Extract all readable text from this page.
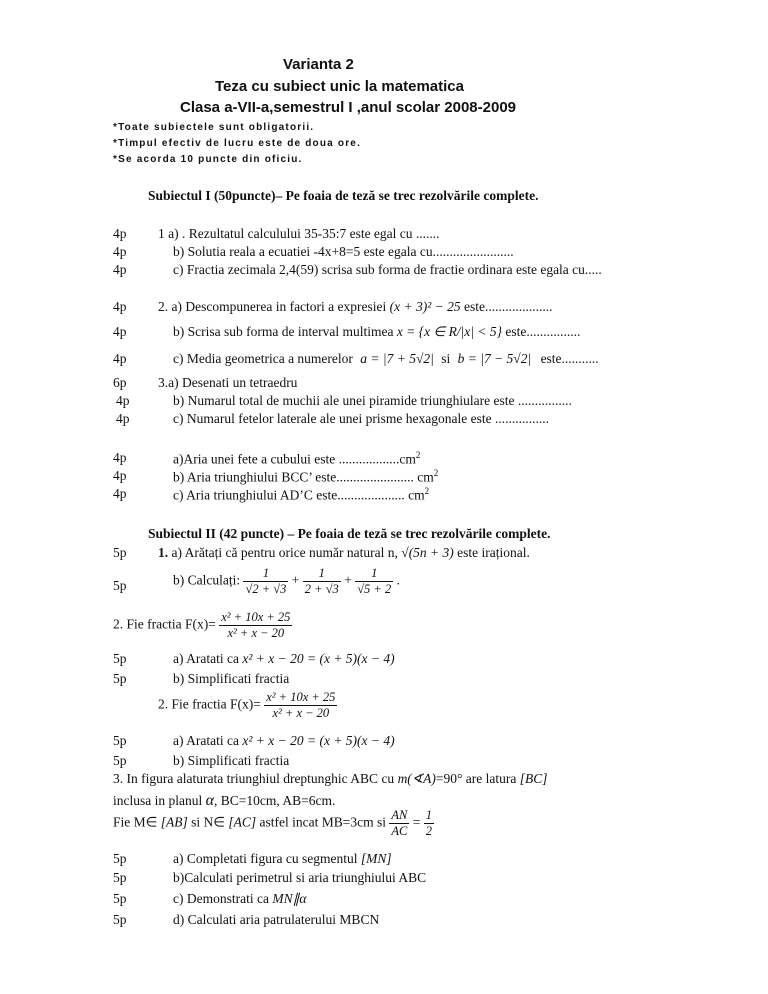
Varianta 2
Teza cu subiect unic la matematica
Clasa a-VII-a,semestrul I ,anul scolar 2008-2009
*Toate subiectele sunt obligatorii.
*Timpul efectiv de lucru este de doua ore.
*Se acorda 10 puncte din oficiu.
Subiectul I (50puncte)– Pe foaia de teză se trec rezolvările complete.
4p 1 a) . Rezultatul calculului 35-35:7 este egal cu .......
4p	b) Solutia reala a ecuatiei -4x+8=5 este egala cu........................
4p	c) Fractia zecimala 2,4(59) scrisa sub forma de fractie ordinara este egala cu.....
4p 2. a) Descompunerea in factori a expresiei (x + 3)² − 25 este....................
4p	b) Scrisa sub forma de interval multimea x = {x ∈ R/|x| < 5} este................
4p	c) Media geometrica a numerelor a = |7 + 5√2| si b = |7 − 5√2| este...........
6p 3.a) Desenati un tetraedru
4p	b) Numarul total de muchii ale unei piramide triunghiulare este ................
4p	c) Numarul fetelor laterale ale unei prisme hexagonale este ................
4p	a)Aria unei fete a cubului este $..................cm^2$
4p	b) Aria triunghiului BCC’ este....................... $cm^2$
4p	c) Aria triunghiului AD’C este.................... $cm^2$
Subiectul II (42 puncte) – Pe foaia de teză se trec rezolvările complete.
5p 1. a) Arătați că pentru orice număr natural n, √(5n + 3) este irațional.
5p	b) Calculați: $\frac{1}{√2 + √3} + \frac{1}{2 + √3} + \frac{1}{√5 + 2}$ .
2. Fie fractia $F(x)= \frac{\text{x² + 10x + 25}}{\text{x² + x − 20}}$
5p	a) Aratati ca x² + x − 20 = (x + 5)(x − 4)
5p	b) Simplificati fractia
2. Fie fractia $F(x)= \frac{\text{x² + 10x + 25}}{\text{x² + x − 20}}$
5p	a) Aratati ca x² + x − 20 = (x + 5)(x − 4)
5p	b) Simplificati fractia
3. In figura alaturata triunghiul dreptunghic ABC cu m(∢A)=90° are latura [BC]
inclusa in planul α, BC=10cm, AB=6cm.
Fie M∈ [AB] si N∈ [AC] astfel incat MB=3cm si $\frac{AN}{AC} = \frac{1}{2}$
5p	a) Completati figura cu segmentul [MN]
5p	b)Calculati perimetrul si aria triunghiului ABC
5p	c) Demonstrati ca MN∥α
5p	d) Calculati aria patrulaterului MBCN
